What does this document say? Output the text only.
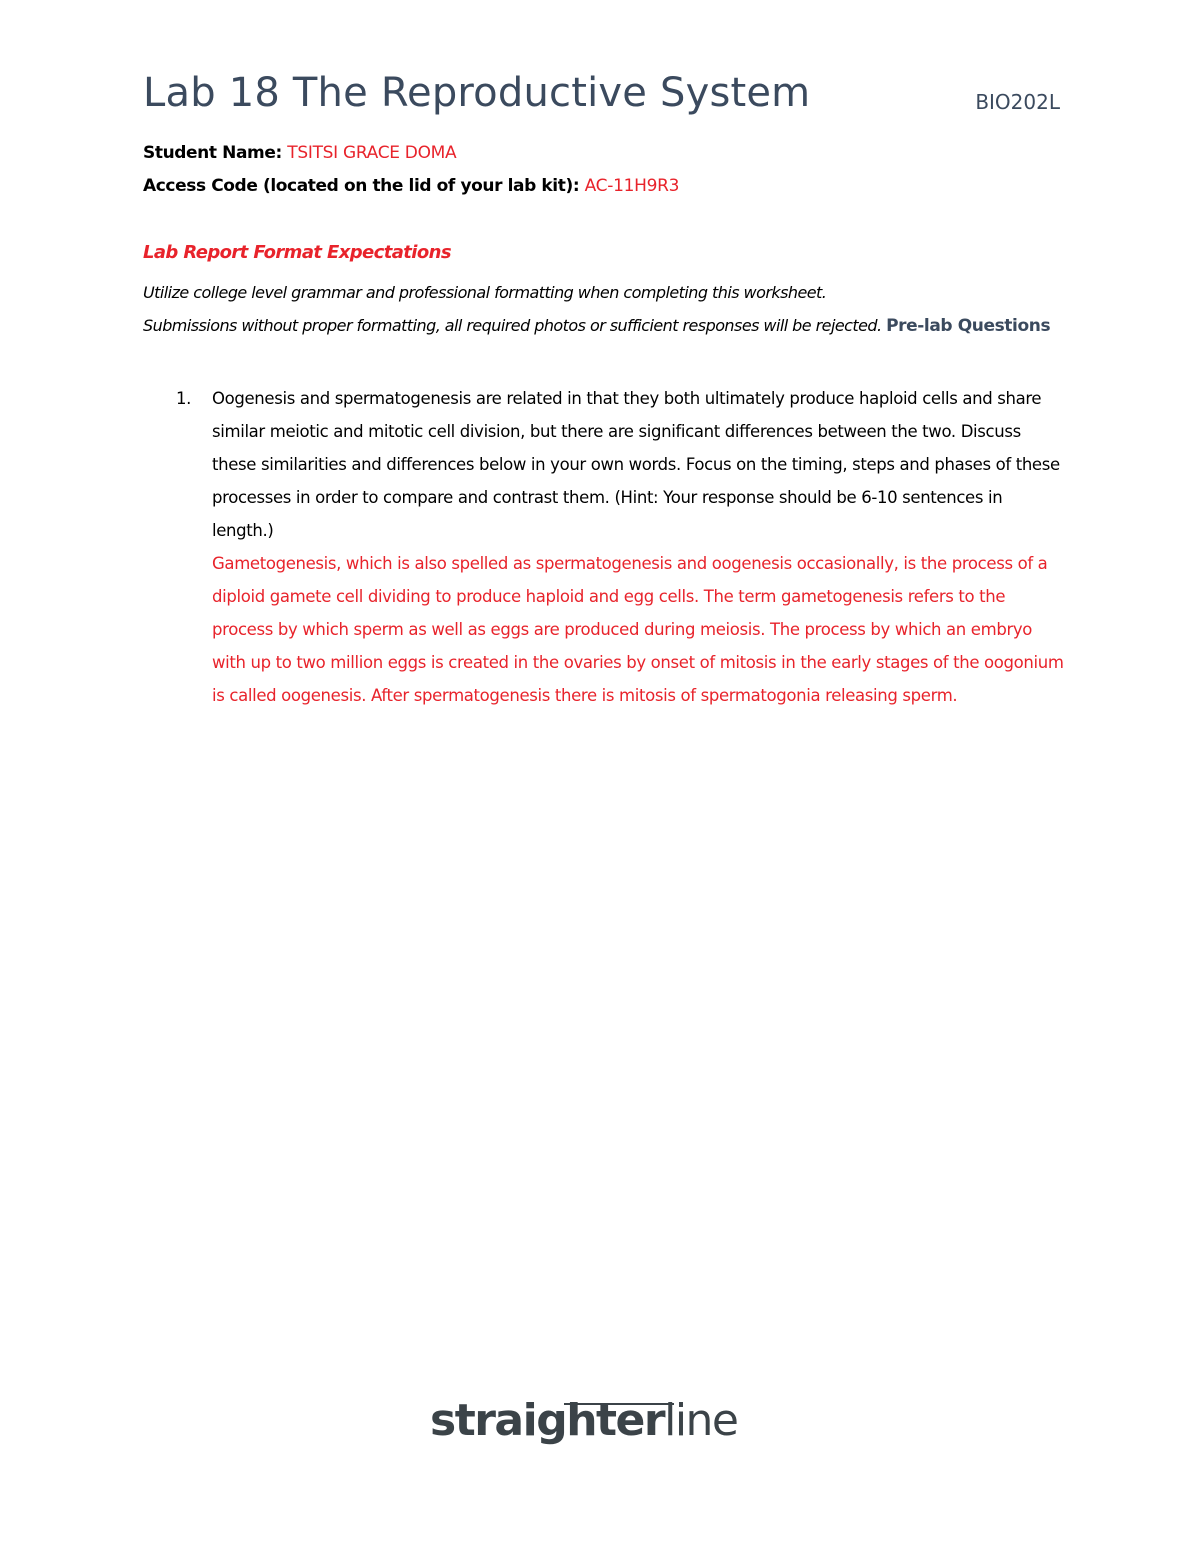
Lab 18 The Reproductive System	BIO202L
Student Name: TSITSI GRACE DOMA
Access Code (located on the lid of your lab kit): AC-11H9R3
Lab Report Format Expectations
Utilize college level grammar and professional formatting when completing this worksheet.
Submissions without proper formatting, all required photos or sufficient responses will be rejected. Pre-lab Questions
1. Oogenesis and spermatogenesis are related in that they both ultimately produce haploid cells and share similar meiotic and mitotic cell division, but there are significant differences between the two. Discuss these similarities and differences below in your own words. Focus on the timing, steps and phases of these processes in order to compare and contrast them. (Hint: Your response should be 6-10 sentences in length.)
Gametogenesis, which is also spelled as spermatogenesis and oogenesis occasionally, is the process of a diploid gamete cell dividing to produce haploid and egg cells. The term gametogenesis refers to the process by which sperm as well as eggs are produced during meiosis. The process by which an embryo with up to two million eggs is created in the ovaries by onset of mitosis in the early stages of the oogonium is called oogenesis. After spermatogenesis there is mitosis of spermatogonia releasing sperm.
straighterline
